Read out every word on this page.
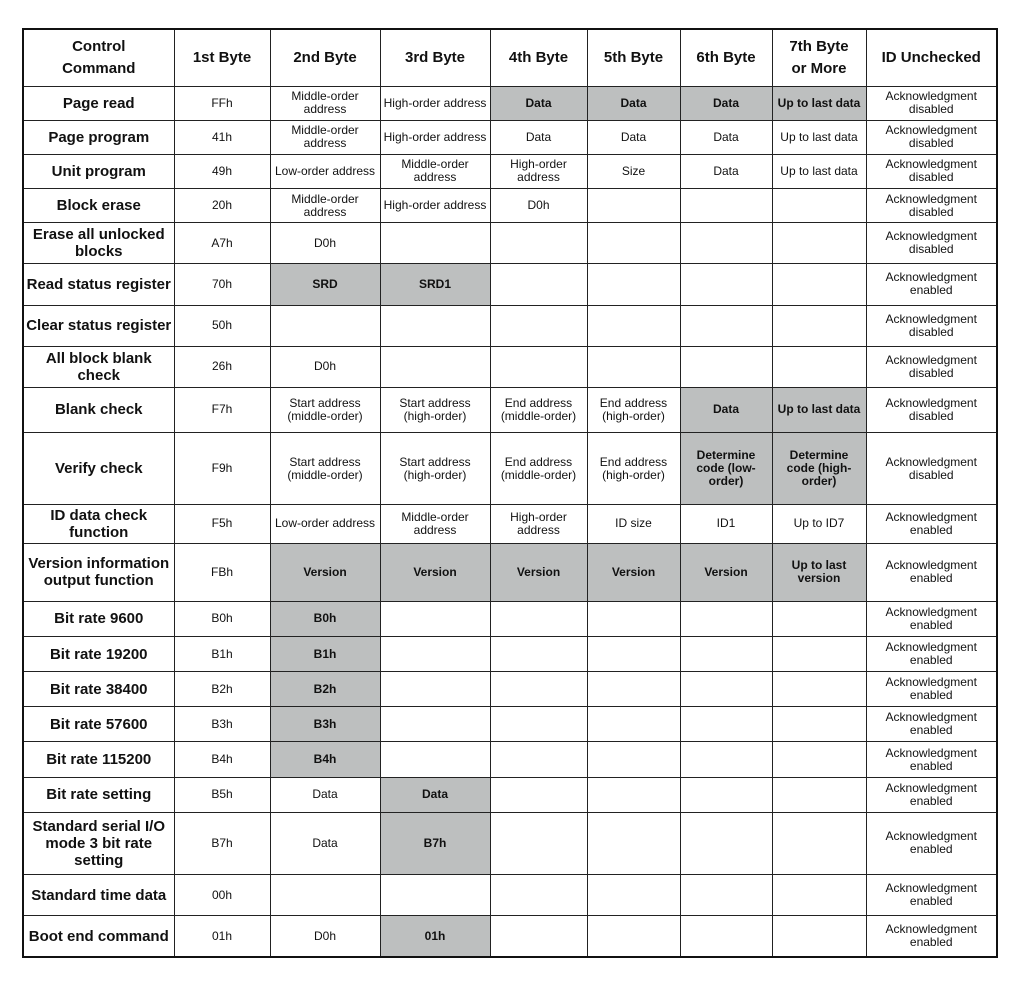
Control Command	1st Byte	2nd Byte	3rd Byte	4th Byte	5th Byte	6th Byte	7th Byte or More	ID Unchecked
Page read	FFh	Middle-order address	High-order address	Data	Data	Data	Up to last data	Acknowledgment disabled
Page program	41h	Middle-order address	High-order address	Data	Data	Data	Up to last data	Acknowledgment disabled
Unit program	49h	Low-order address	Middle-order address	High-order address	Size	Data	Up to last data	Acknowledgment disabled
Block erase	20h	Middle-order address	High-order address	D0h				Acknowledgment disabled
Erase all unlocked blocks	A7h	D0h						Acknowledgment disabled
Read status register	70h	SRD	SRD1					Acknowledgment enabled
Clear status register	50h							Acknowledgment disabled
All block blank check	26h	D0h						Acknowledgment disabled
Blank check	F7h	Start address (middle-order)	Start address (high-order)	End address (middle-order)	End address (high-order)	Data	Up to last data	Acknowledgment disabled
Verify check	F9h	Start address (middle-order)	Start address (high-order)	End address (middle-order)	End address (high-order)	Determine code (low-order)	Determine code (high-order)	Acknowledgment disabled
ID data check function	F5h	Low-order address	Middle-order address	High-order address	ID size	ID1	Up to ID7	Acknowledgment enabled
Version information output function	FBh	Version	Version	Version	Version	Version	Up to last version	Acknowledgment enabled
Bit rate 9600	B0h	B0h						Acknowledgment enabled
Bit rate 19200	B1h	B1h						Acknowledgment enabled
Bit rate 38400	B2h	B2h						Acknowledgment enabled
Bit rate 57600	B3h	B3h						Acknowledgment enabled
Bit rate 115200	B4h	B4h						Acknowledgment enabled
Bit rate setting	B5h	Data	Data					Acknowledgment enabled
Standard serial I/O mode 3 bit rate setting	B7h	Data	B7h					Acknowledgment enabled
Standard time data	00h							Acknowledgment enabled
Boot end command	01h	D0h	01h					Acknowledgment enabled
